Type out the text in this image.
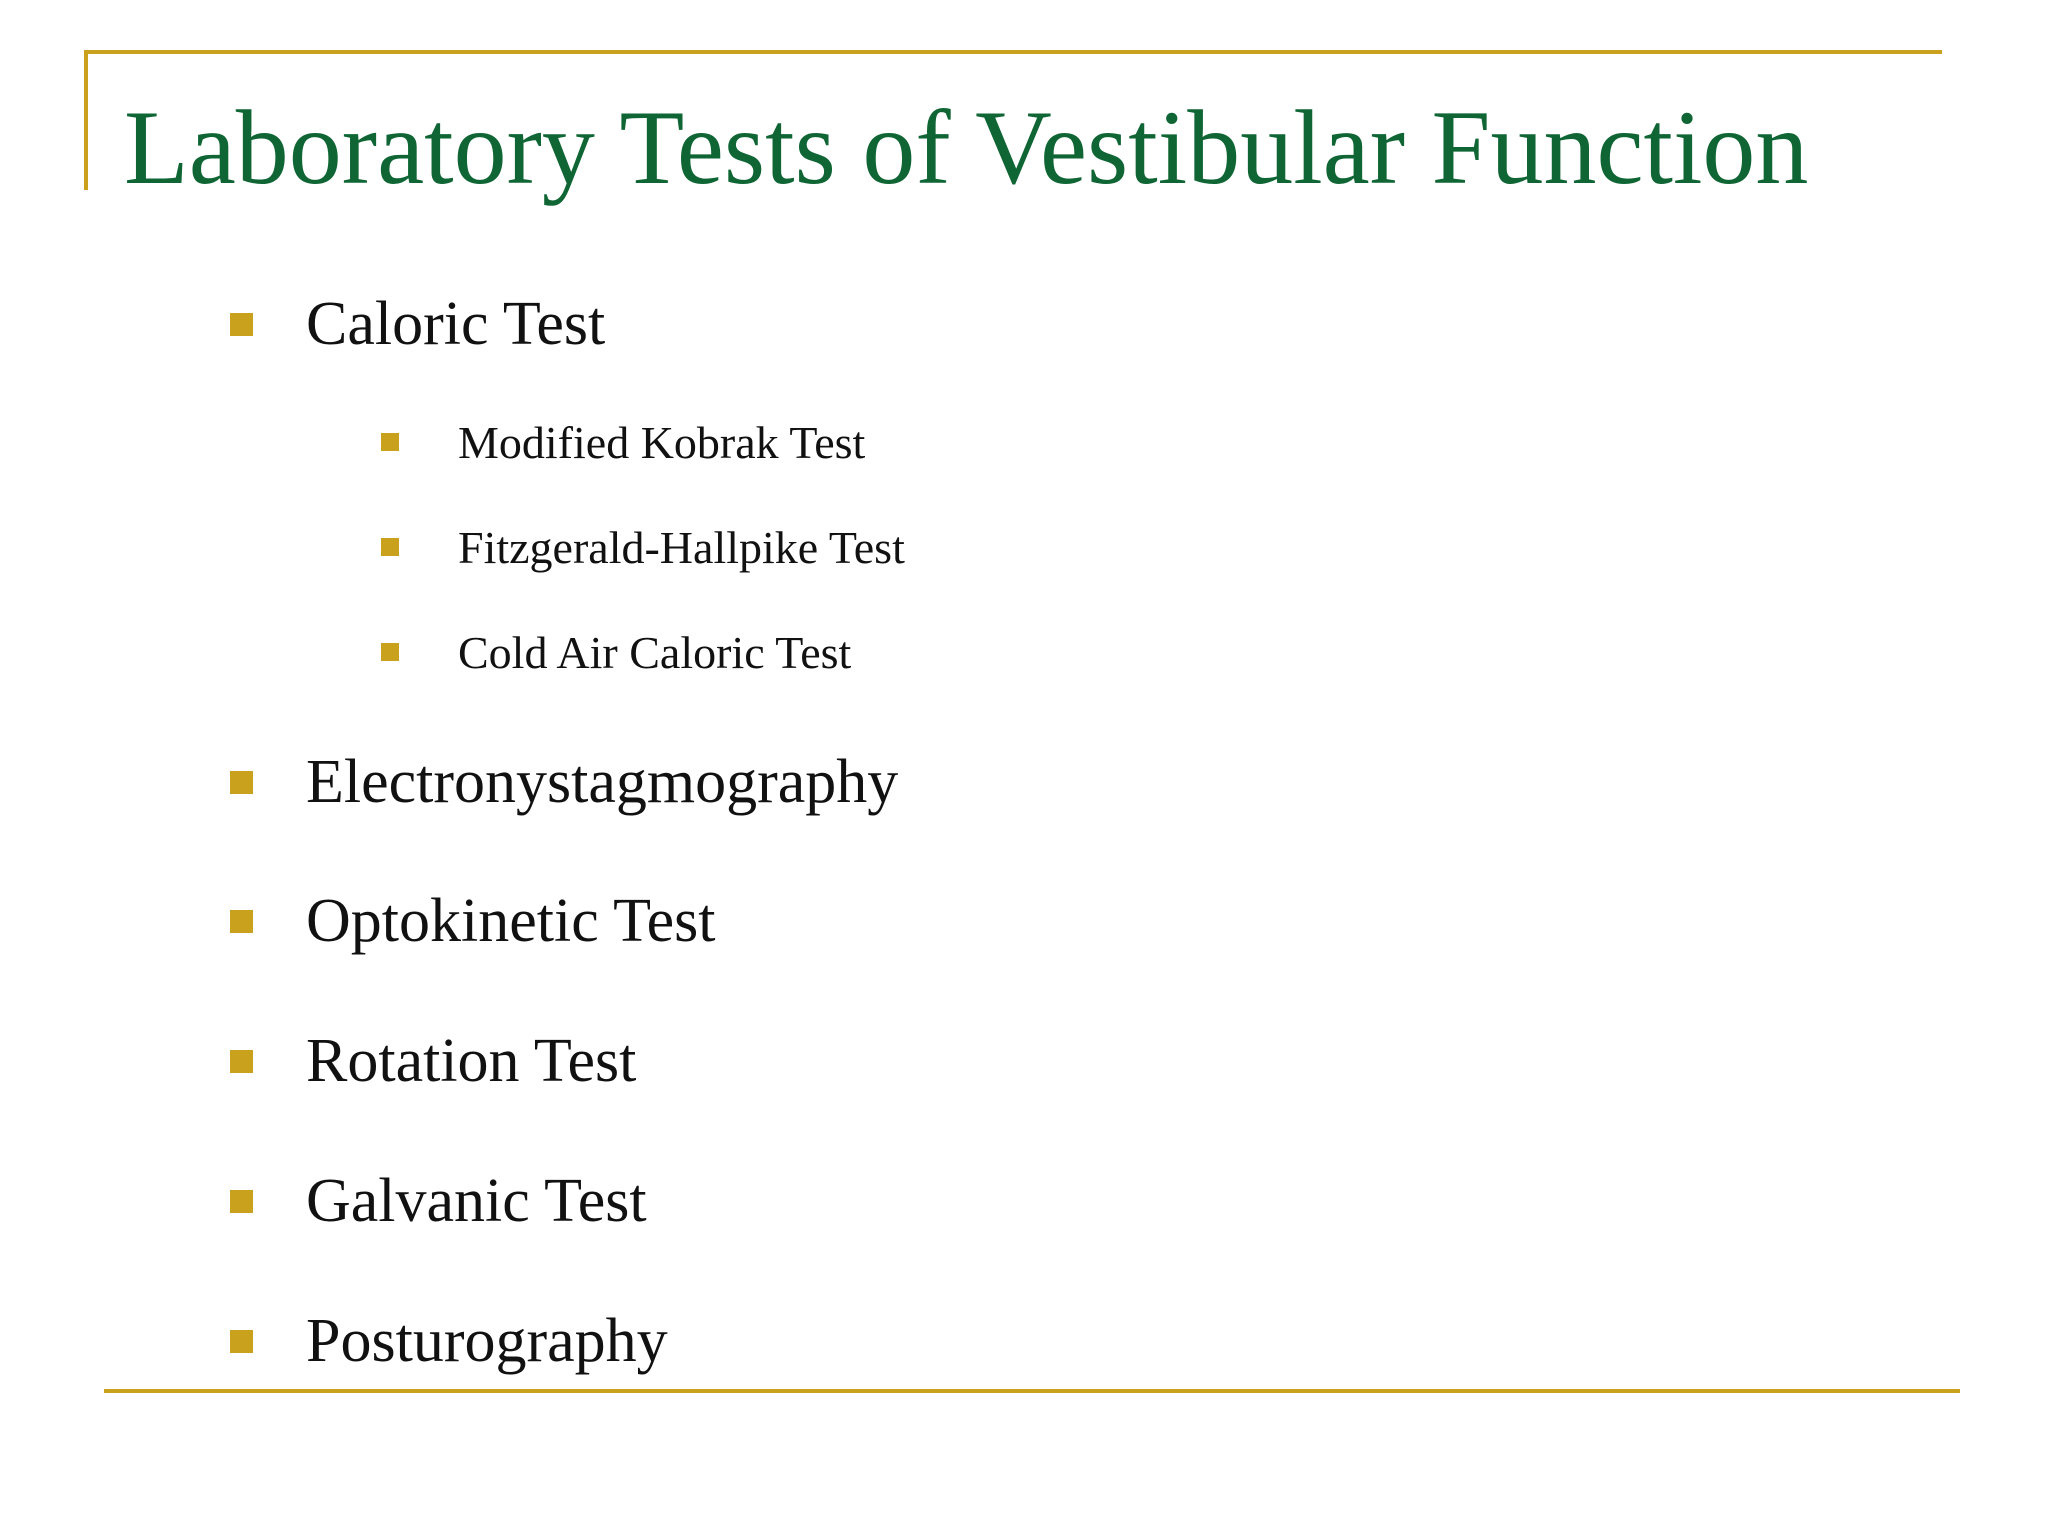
Laboratory Tests of Vestibular Function
Caloric Test
Modified Kobrak Test
Fitzgerald-Hallpike Test
Cold Air Caloric Test
Electronystagmography
Optokinetic Test
Rotation Test
Galvanic Test
Posturography
